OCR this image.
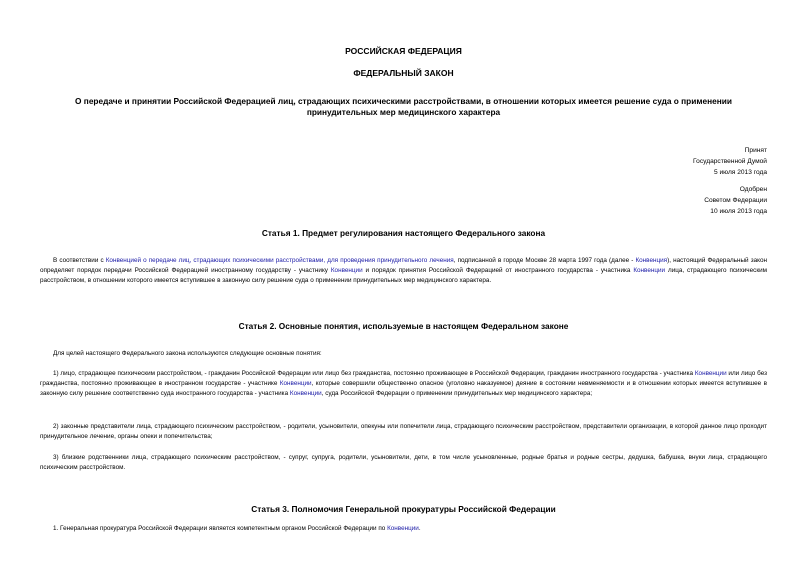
РОССИЙСКАЯ ФЕДЕРАЦИЯ
ФЕДЕРАЛЬНЫЙ ЗАКОН
О передаче и принятии Российской Федерацией лиц, страдающих психическими расстройствами, в отношении которых имеется решение суда о применении принудительных мер медицинского характера
Принят
Государственной Думой
5 июля 2013 года
Одобрен
Советом Федерации
10 июля 2013 года
Статья 1. Предмет регулирования настоящего Федерального закона
В соответствии с Конвенцией о передаче лиц, страдающих психическими расстройствами, для проведения принудительного лечения, подписанной в городе Москве 28 марта 1997 года (далее - Конвенция), настоящий Федеральный закон определяет порядок передачи Российской Федерацией иностранному государству - участнику Конвенции и порядок принятия Российской Федерацией от иностранного государства - участника Конвенции лица, страдающего психическим расстройством, в отношении которого имеется вступившее в законную силу решение суда о применении принудительных мер медицинского характера.
Статья 2. Основные понятия, используемые в настоящем Федеральном законе
Для целей настоящего Федерального закона используются следующие основные понятия:
1) лицо, страдающее психическим расстройством, - гражданин Российской Федерации или лицо без гражданства, постоянно проживающее в Российской Федерации, гражданин иностранного государства - участника Конвенции или лицо без гражданства, постоянно проживающее в иностранном государстве - участнике Конвенции, которые совершили общественно опасное (уголовно наказуемое) деяние в состоянии невменяемости и в отношении которых имеется вступившее в законную силу решение соответственно суда иностранного государства - участника Конвенции, суда Российской Федерации о применении принудительных мер медицинского характера;
2) законные представители лица, страдающего психическим расстройством, - родители, усыновители, опекуны или попечители лица, страдающего психическим расстройством, представители организации, в которой данное лицо проходит принудительное лечение, органы опеки и попечительства;
3) близкие родственники лица, страдающего психическим расстройством, - супруг, супруга, родители, усыновители, дети, в том числе усыновленные, родные братья и родные сестры, дедушка, бабушка, внуки лица, страдающего психическим расстройством.
Статья 3. Полномочия Генеральной прокуратуры Российской Федерации
1. Генеральная прокуратура Российской Федерации является компетентным органом Российской Федерации по Конвенции.
